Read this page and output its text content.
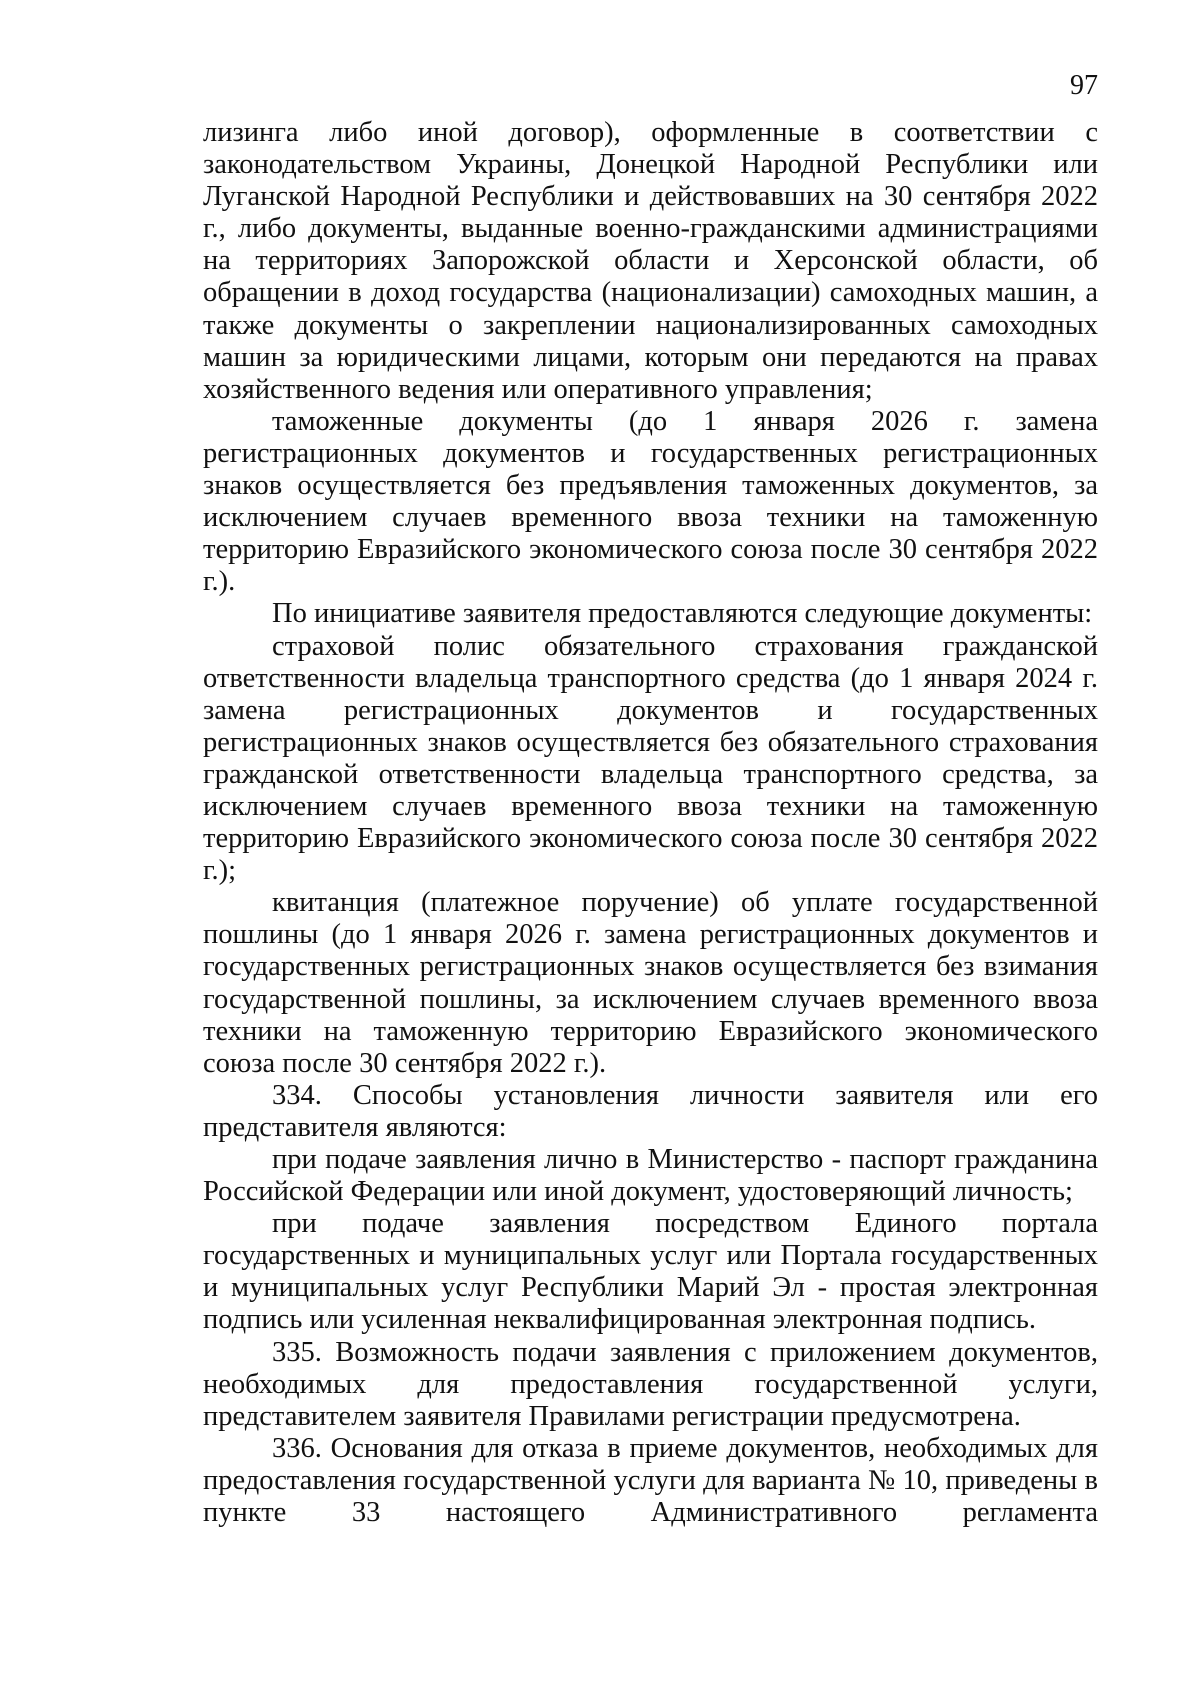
97

лизинга либо иной договор), оформленные в соответствии с законодательством Украины, Донецкой Народной Республики или Луганской Народной Республики и действовавших на 30 сентября 2022 г., либо документы, выданные военно-гражданскими администрациями на территориях Запорожской области и Херсонской области, об обращении в доход государства (национализации) самоходных машин, а также документы о закреплении национализированных самоходных машин за юридическими лицами, которым они передаются на правах хозяйственного ведения или оперативного управления;

таможенные документы (до 1 января 2026 г. замена регистрационных документов и государственных регистрационных знаков осуществляется без предъявления таможенных документов, за исключением случаев временного ввоза техники на таможенную территорию Евразийского экономического союза после 30 сентября 2022 г.).

По инициативе заявителя предоставляются следующие документы:

страховой полис обязательного страхования гражданской ответственности владельца транспортного средства (до 1 января 2024 г. замена регистрационных документов и государственных регистрационных знаков осуществляется без обязательного страхования гражданской ответственности владельца транспортного средства, за исключением случаев временного ввоза техники на таможенную территорию Евразийского экономического союза после 30 сентября 2022 г.);

квитанция (платежное поручение) об уплате государственной пошлины (до 1 января 2026 г. замена регистрационных документов и государственных регистрационных знаков осуществляется без взимания государственной пошлины, за исключением случаев временного ввоза техники на таможенную территорию Евразийского экономического союза после 30 сентября 2022 г.).

334. Способы установления личности заявителя или его представителя являются:

при подаче заявления лично в Министерство - паспорт гражданина Российской Федерации или иной документ, удостоверяющий личность;

при подаче заявления посредством Единого портала государственных и муниципальных услуг или Портала государственных и муниципальных услуг Республики Марий Эл - простая электронная подпись или усиленная неквалифицированная электронная подпись.

335. Возможность подачи заявления с приложением документов, необходимых для предоставления государственной услуги, представителем заявителя Правилами регистрации предусмотрена.

336. Основания для отказа в приеме документов, необходимых для предоставления государственной услуги для варианта № 10, приведены в пункте 33 настоящего Административного регламента
